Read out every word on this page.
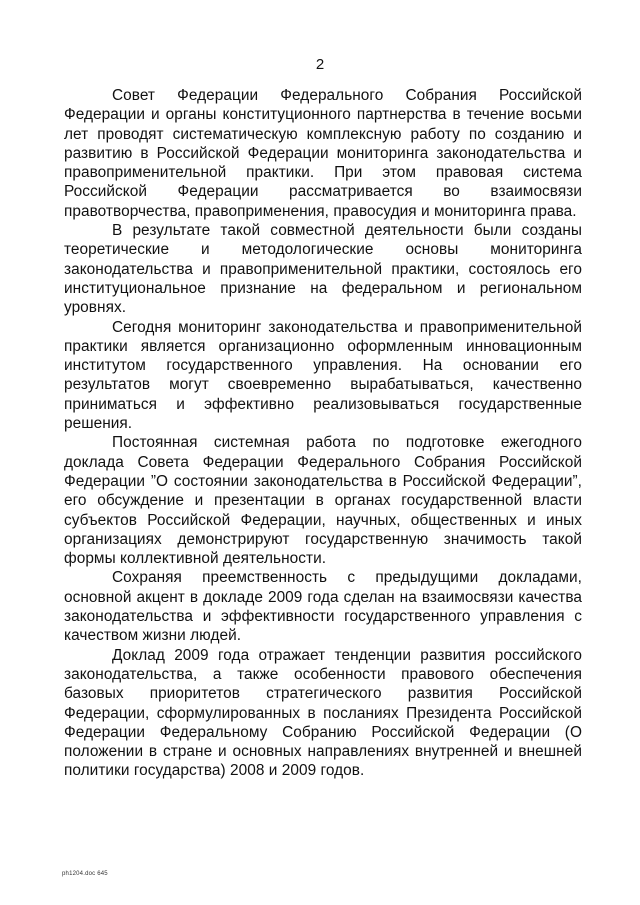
2

Совет Федерации Федерального Собрания Российской Федерации и органы конституционного партнерства в течение восьми лет проводят систематическую комплексную работу по созданию и развитию в Российской Федерации мониторинга законодательства и правоприменительной практики. При этом правовая система Российской Федерации рассматривается во взаимосвязи правотворчества, правоприменения, правосудия и мониторинга права.

В результате такой совместной деятельности были созданы теоретические и методологические основы мониторинга законодательства и правоприменительной практики, состоялось его институциональное признание на федеральном и региональном уровнях.

Сегодня мониторинг законодательства и правоприменительной практики является организационно оформленным инновационным институтом государственного управления. На основании его результатов могут своевременно вырабатываться, качественно приниматься и эффективно реализовываться государственные решения.

Постоянная системная работа по подготовке ежегодного доклада Совета Федерации Федерального Собрания Российской Федерации ”О состоянии законодательства в Российской Федерации”, его обсуждение и презентации в органах государственной власти субъектов Российской Федерации, научных, общественных и иных организациях демонстрируют государственную значимость такой формы коллективной деятельности.

Сохраняя преемственность с предыдущими докладами, основной акцент в докладе 2009 года сделан на взаимосвязи качества законодательства и эффективности государственного управления с качеством жизни людей.

Доклад 2009 года отражает тенденции развития российского законодательства, а также особенности правового обеспечения базовых приоритетов стратегического развития Российской Федерации, сформулированных в посланиях Президента Российской Федерации Федеральному Собранию Российской Федерации (О положении в стране и основных направлениях внутренней и внешней политики государства) 2008 и 2009 годов.

ph1204.doc 645
